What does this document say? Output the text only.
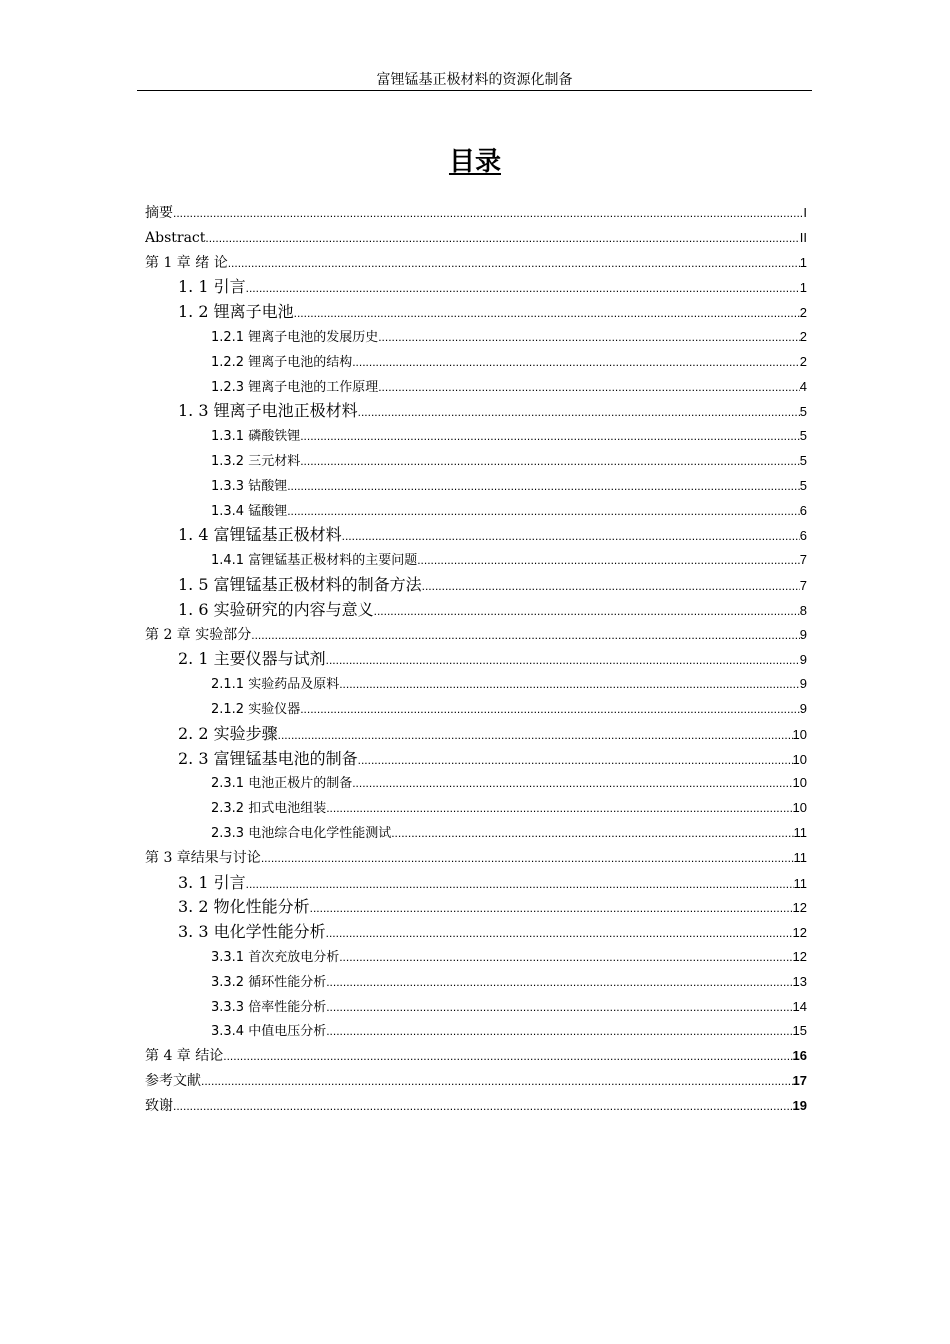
富锂锰基正极材料的资源化制备
目录
摘要 .....	I
Abstract .....	II
第 1 章 绪 论 .....	1
1. 1 引言 .....	1
1. 2 锂离子电池 .....	2
1.2.1 锂离子电池的发展历史 .....	2
1.2.2 锂离子电池的结构 .....	2
1.2.3 锂离子电池的工作原理 .....	4
1. 3 锂离子电池正极材料 .....	5
1.3.1 磷酸铁锂 .....	5
1.3.2 三元材料 .....	5
1.3.3 钴酸锂 .....	5
1.3.4 锰酸锂 .....	6
1. 4 富锂锰基正极材料 .....	6
1.4.1 富锂锰基正极材料的主要问题 .....	7
1. 5 富锂锰基正极材料的制备方法 .....	7
1. 6 实验研究的内容与意义 .....	8
第 2 章 实验部分 .....	9
2. 1 主要仪器与试剂 .....	9
2.1.1 实验药品及原料 .....	9
2.1.2 实验仪器 .....	9
2. 2 实验步骤 .....	10
2. 3 富锂锰基电池的制备 .....	10
2.3.1 电池正极片的制备 .....	10
2.3.2 扣式电池组装 .....	10
2.3.3 电池综合电化学性能测试 .....	11
第 3 章结果与讨论 .....	11
3. 1 引言 .....	11
3. 2 物化性能分析 .....	12
3. 3 电化学性能分析 .....	12
3.3.1 首次充放电分析 .....	12
3.3.2 循环性能分析 .....	13
3.3.3 倍率性能分析 .....	14
3.3.4 中值电压分析 .....	15
第 4 章 结论 .....	16
参考文献 .....	17
致谢 .....	19
